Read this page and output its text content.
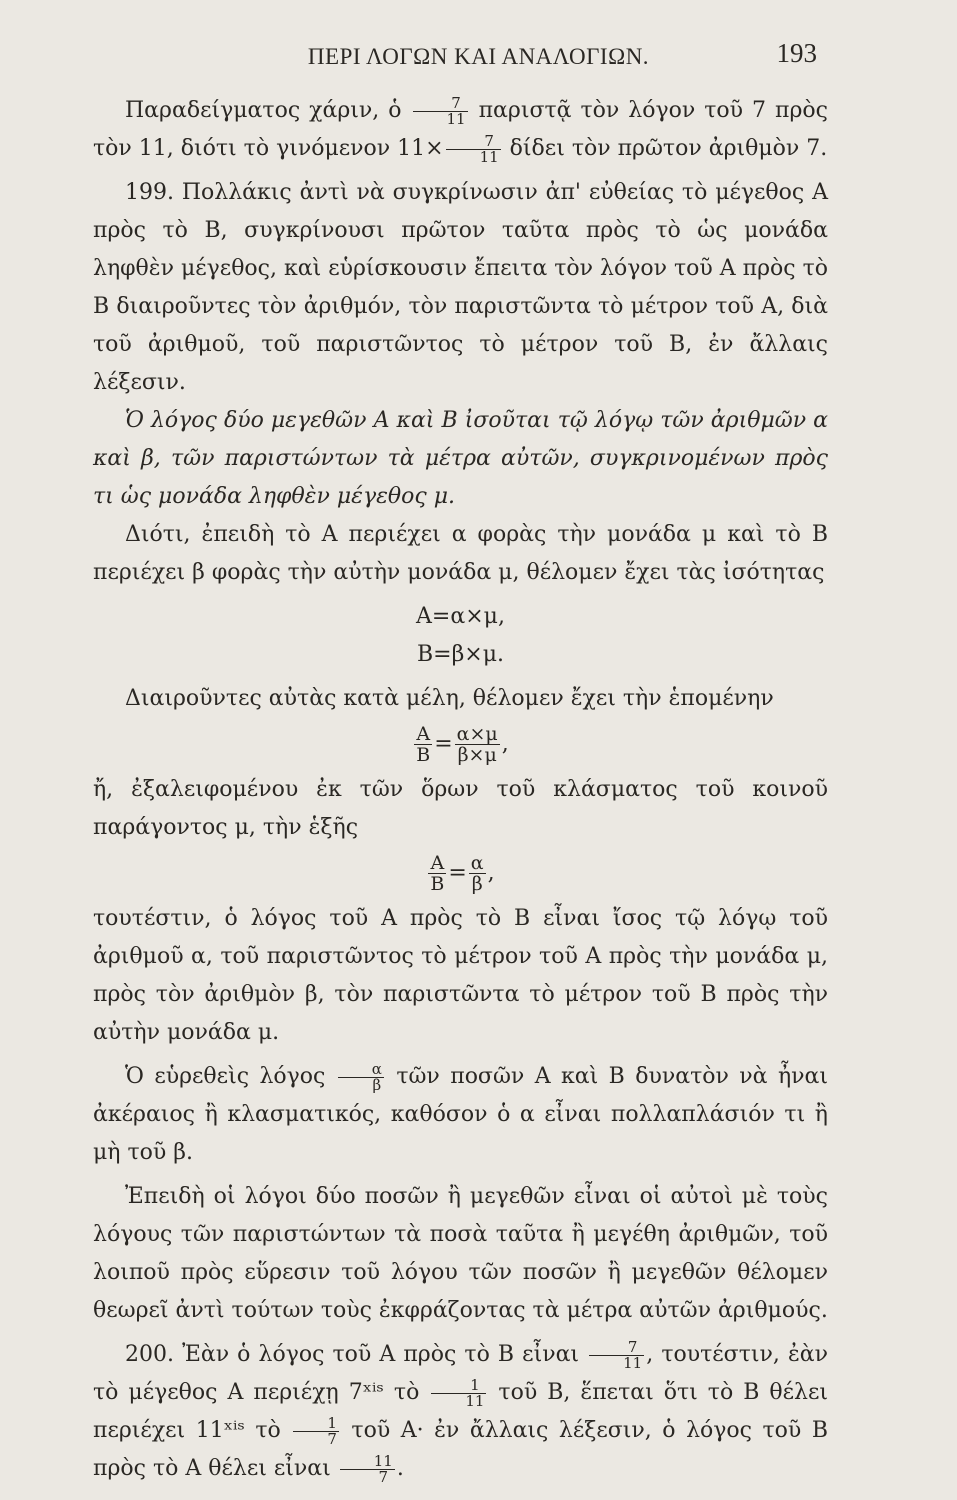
ΠΕΡΙ ΛΟΓΩΝ ΚΑΙ ΑΝΑΛΟΓΙΩΝ.	193

Παραδείγματος χάριν, ὁ $\frac{7}{11}$ παριστᾷ τὸν λόγον τοῦ 7 πρὸς τὸν 11, διότι τὸ γινόμενον $11\times \frac{7}{11}$ δίδει τὸν πρῶτον ἀριθμὸν 7.

199. Πολλάκις ἀντὶ νὰ συγκρίνωσιν ἀπ' εὐθείας τὸ μέγεθος A πρὸς τὸ B, συγκρίνουσι πρῶτον ταῦτα πρὸς τὸ ὡς μονάδα ληφθὲν μέγεθος, καὶ εὑρίσκουσιν ἔπειτα τὸν λόγον τοῦ A πρὸς τὸ B διαιροῦντες τὸν ἀριθμόν, τὸν παριστῶντα τὸ μέτρον τοῦ A, διὰ τοῦ ἀριθμοῦ, τοῦ παριστῶντος τὸ μέτρον τοῦ B, ἐν ἄλλαις λέξεσιν.

Ὁ λόγος δύο μεγεθῶν A καὶ B ἰσοῦται τῷ λόγῳ τῶν ἀριθμῶν α καὶ β, τῶν παριστώντων τὰ μέτρα αὐτῶν, συγκρινομένων πρὸς τι ὡς μονάδα ληφθὲν μέγεθος μ.

Διότι, ἐπειδὴ τὸ A περιέχει α φορὰς τὴν μονάδα μ καὶ τὸ B περιέχει β φορὰς τὴν αὐτὴν μονάδα μ, θέλομεν ἔχει τὰς ἰσότητας

A=α×μ,
B=β×μ.

Διαιροῦντες αὐτὰς κατὰ μέλη, θέλομεν ἔχει τὴν ἑπομένην

$\frac{A}{B} = \frac{\alpha\times\mu}{\beta\times\mu}$ ,

ἤ, ἐξαλειφομένου ἐκ τῶν ὅρων τοῦ κλάσματος τοῦ κοινοῦ παράγοντος μ, τὴν ἑξῆς

$\frac{A}{B} = \frac{\alpha}{\beta}$ ,

τουτέστιν, ὁ λόγος τοῦ A πρὸς τὸ B εἶναι ἴσος τῷ λόγῳ τοῦ ἀριθμοῦ α, τοῦ παριστῶντος τὸ μέτρον τοῦ A πρὸς τὴν μονάδα μ, πρὸς τὸν ἀριθμὸν β, τὸν παριστῶντα τὸ μέτρον τοῦ B πρὸς τὴν αὐτὴν μονάδα μ.

Ὁ εὑρεθεὶς λόγος $\frac{\alpha}{\beta}$ τῶν ποσῶν A καὶ B δυνατὸν νὰ ἦναι ἀκέραιος ἢ κλασματικός, καθόσον ὁ α εἶναι πολλαπλάσιόν τι ἢ μὴ τοῦ β.

Ἐπειδὴ οἱ λόγοι δύο ποσῶν ἢ μεγεθῶν εἶναι οἱ αὐτοὶ μὲ τοὺς λόγους τῶν παριστώντων τὰ ποσὰ ταῦτα ἢ μεγέθη ἀριθμῶν, τοῦ λοιποῦ πρὸς εὕρεσιν τοῦ λόγου τῶν ποσῶν ἢ μεγεθῶν θέλομεν θεωρεῖ ἀντὶ τούτων τοὺς ἐκφράζοντας τὰ μέτρα αὐτῶν ἀριθμούς.

200. Ἐὰν ὁ λόγος τοῦ A πρὸς τὸ B εἶναι $\frac{7}{11}$ , τουτέστιν, ἐὰν τὸ μέγεθος A περιέχῃ 7ˣⁱˢ τὸ $\frac{1}{11}$ τοῦ B, ἕπεται ὅτι τὸ B θέλει περιέχει 11ˣⁱˢ τὸ $\frac{1}{7}$ τοῦ A· ἐν ἄλλαις λέξεσιν, ὁ λόγος τοῦ B πρὸς τὸ A θέλει εἶναι $\frac{11}{7}$ .
